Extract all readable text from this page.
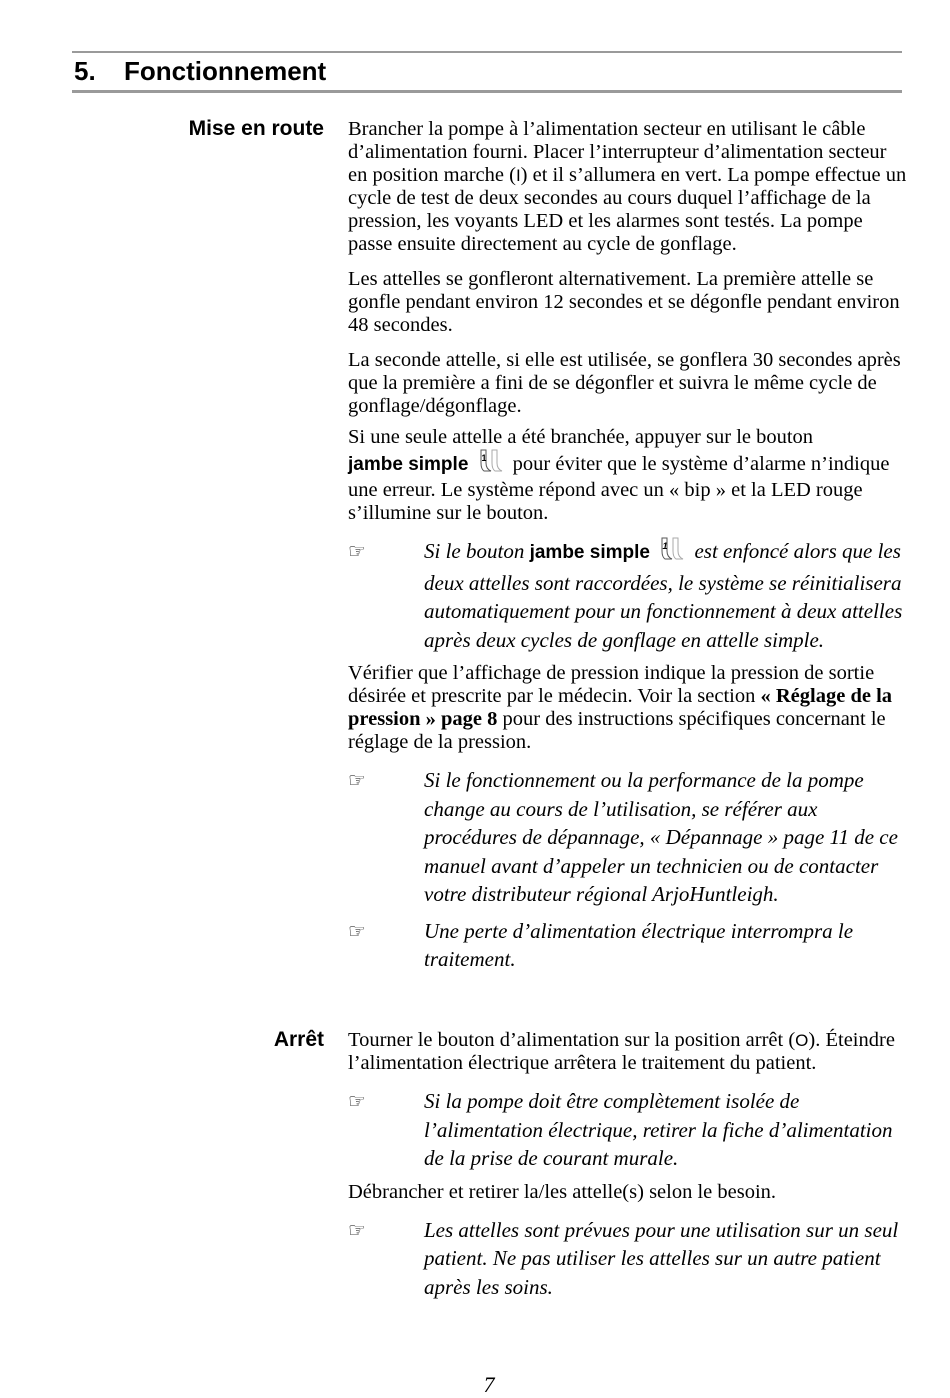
5. Fonctionnement
Mise en route Brancher la pompe à l’alimentation secteur en utilisant le câble d’alimentation fourni. Placer l’interrupteur d’alimentation secteur en position marche (I) et il s’allumera en vert. La pompe effectue un cycle de test de deux secondes au cours duquel l’affichage de la pression, les voyants LED et les alarmes sont testés. La pompe passe ensuite directement au cycle de gonflage.

Les attelles se gonfleront alternativement. La première attelle se gonfle pendant environ 12 secondes et se dégonfle pendant environ 48 secondes.

La seconde attelle, si elle est utilisée, se gonflera 30 secondes après que la première a fini de se dégonfler et suivra le même cycle de gonflage/dégonflage.

Si une seule attelle a été branchée, appuyer sur le bouton
jambe simple 1 pour éviter que le système d’alarme n’indique une erreur. Le système répond avec un « bip » et la LED rouge s’illumine sur le bouton.

☞	Si le bouton jambe simple 1 est enfoncé alors que les deux attelles sont raccordées, le système se réinitialisera automatiquement pour un fonctionnement à deux attelles après deux cycles de gonflage en attelle simple.

Vérifier que l’affichage de pression indique la pression de sortie désirée et prescrite par le médecin. Voir la section « Réglage de la pression » page 8 pour des instructions spécifiques concernant le réglage de la pression.

☞	Si le fonctionnement ou la performance de la pompe change au cours de l’utilisation, se référer aux procédures de dépannage, « Dépannage » page 11 de ce manuel avant d’appeler un technicien ou de contacter votre distributeur régional ArjoHuntleigh.
☞	Une perte d’alimentation électrique interrompra le traitement.
Arrêt Tourner le bouton d’alimentation sur la position arrêt (O). Éteindre l’alimentation électrique arrêtera le traitement du patient.

☞	Si la pompe doit être complètement isolée de l’alimentation électrique, retirer la fiche d’alimentation de la prise de courant murale.

Débrancher et retirer la/les attelle(s) selon le besoin.

☞	Les attelles sont prévues pour une utilisation sur un seul patient. Ne pas utiliser les attelles sur un autre patient après les soins.
7
